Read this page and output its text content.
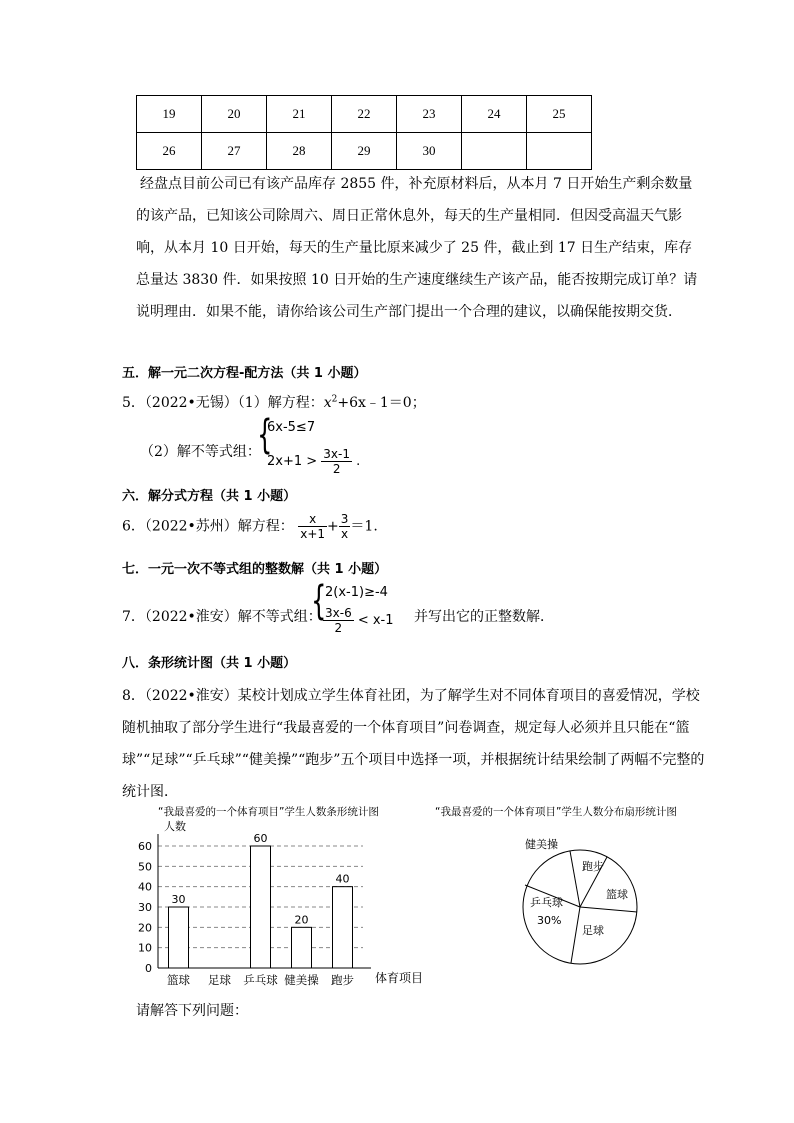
19	20	21	22	23	24	25
26	27	28	29	30		
经盘点目前公司已有该产品库存 2855 件，补充原材料后，从本月 7 日开始生产剩余数量的该产品，已知该公司除周六、周日正常休息外，每天的生产量相同．但因受高温天气影响，从本月 10 日开始，每天的生产量比原来减少了 25 件，截止到 17 日生产结束，库存总量达 3830 件．如果按照 10 日开始的生产速度继续生产该产品，能否按期完成订单？请说明理由．如果不能，请你给该公司生产部门提出一个合理的建议，以确保能按期交货．
五．解一元二次方程-配方法（共 1 小题）
5．（2022•无锡）（1）解方程：$x^2+6x﹣1=0$；
（2）解不等式组：
{
6x-5≤7
$2x+1 > \frac{3x-1}{2}$ .
六．解分式方程（共 1 小题）
6．（2022•苏州）解方程： $\frac{x}{x+1} + \frac{3}{x} =1$.
七．一元一次不等式组的整数解（共 1 小题）
7．（2022•淮安）解不等式组：
{
2(x-1)≥-4
$\frac{3x-6}{2} < x-1$ 并写出它的正整数解．
八．条形统计图（共 1 小题）
8．（2022•淮安）某校计划成立学生体育社团，为了解学生对不同体育项目的喜爱情况，学校随机抽取了部分学生进行“我最喜爱的一个体育项目”问卷调查，规定每人必须并且只能在“篮球”“足球”“乒乓球”“健美操”“跑步”五个项目中选择一项，并根据统计结果绘制了两幅不完整的统计图．
“我最喜爱的一个体育项目”学生人数条形统计图
人数
0
10
20
30
40
50
60
30
60
20
40
篮球 足球 乒乓球 健美操 跑步 体育项目
“我最喜爱的一个体育项目”学生人数分布扇形统计图
健美操
跑步
篮球
足球
乒乓球
30%
请解答下列问题：
